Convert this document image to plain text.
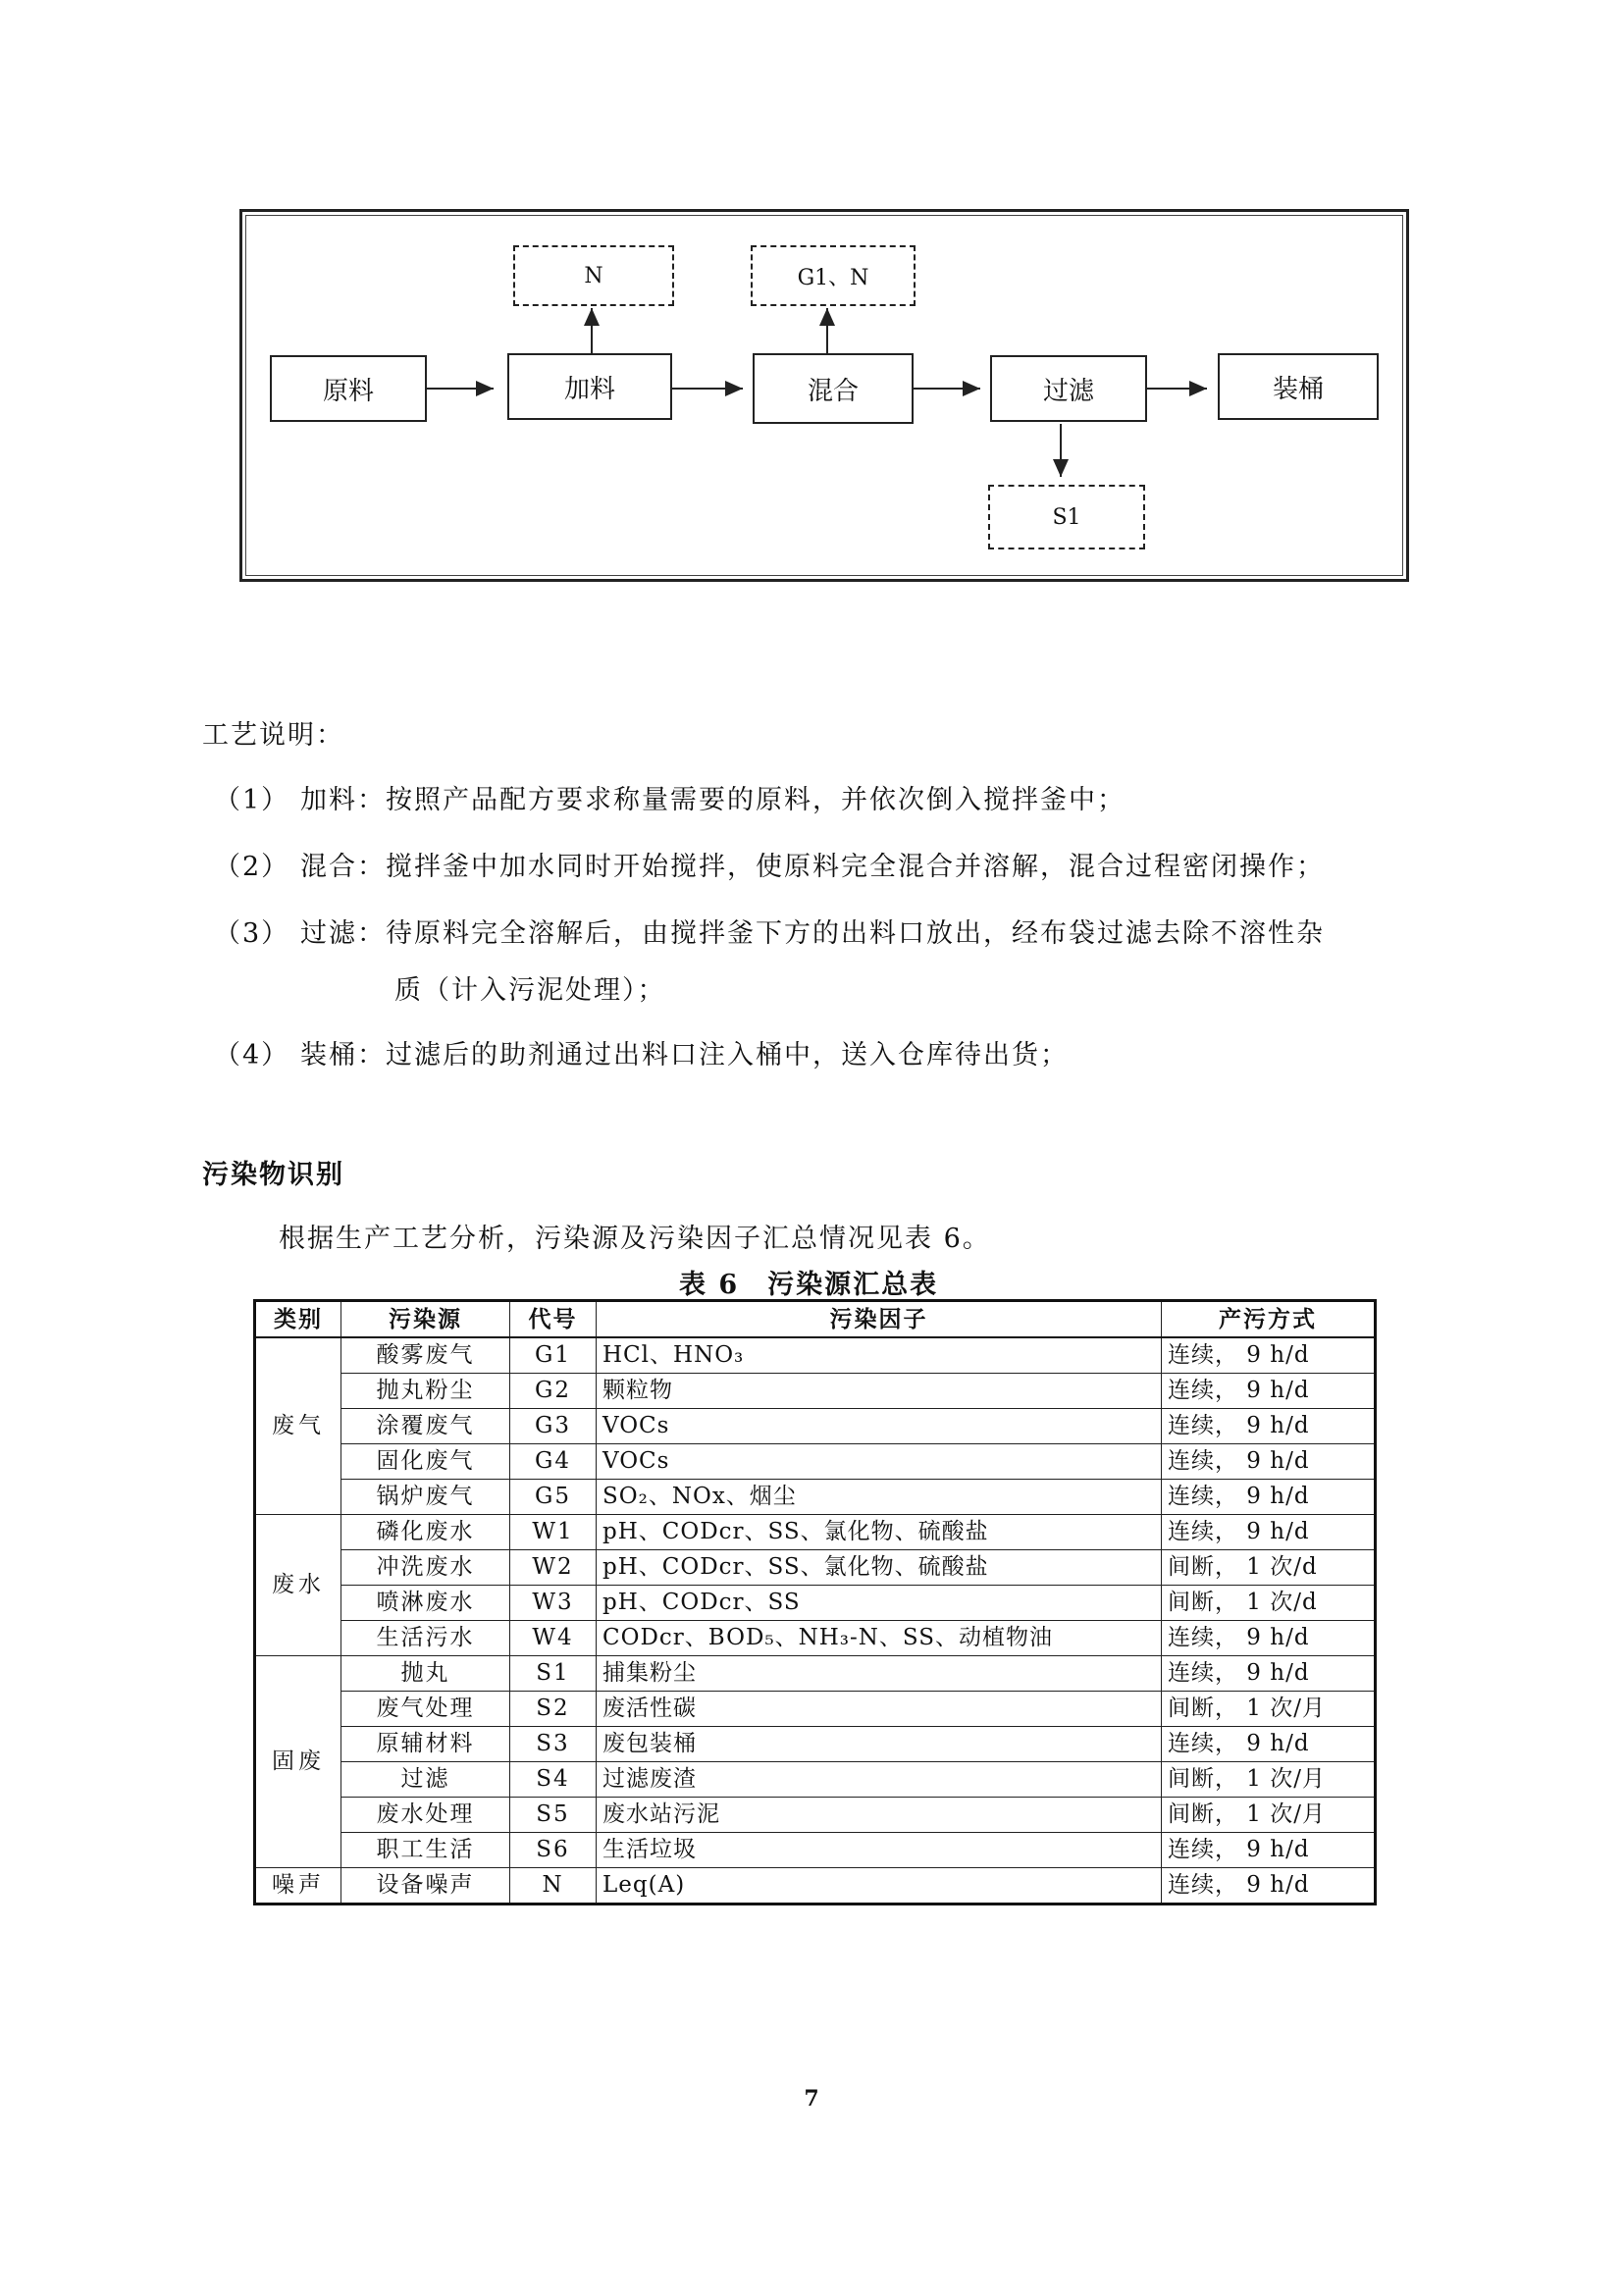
原料	加料	混合	过滤	装桶
N	G1、N
S1
工艺说明：
（1） 加料：按照产品配方要求称量需要的原料，并依次倒入搅拌釜中；
（2） 混合：搅拌釜中加水同时开始搅拌，使原料完全混合并溶解，混合过程密闭操作；
（3） 过滤：待原料完全溶解后，由搅拌釜下方的出料口放出，经布袋过滤去除不溶性杂
质（计入污泥处理）；
（4） 装桶：过滤后的助剂通过出料口注入桶中，送入仓库待出货；
污染物识别
根据生产工艺分析，污染源及污染因子汇总情况见表 6。
表 6　污染源汇总表
类别	污染源	代号	污染因子	产污方式
废气	酸雾废气	G1	HCl、HNO₃	连续， 9 h/d
	抛丸粉尘	G2	颗粒物	连续， 9 h/d
	涂覆废气	G3	VOCs	连续， 9 h/d
	固化废气	G4	VOCs	连续， 9 h/d
	锅炉废气	G5	SO₂、NOx、烟尘	连续， 9 h/d
废水	磷化废水	W1	pH、CODcr、SS、氯化物、硫酸盐	连续， 9 h/d
	冲洗废水	W2	pH、CODcr、SS、氯化物、硫酸盐	间断， 1 次/d
	喷淋废水	W3	pH、CODcr、SS	间断， 1 次/d
	生活污水	W4	CODcr、BOD₅、NH₃-N、SS、动植物油	连续， 9 h/d
固废	抛丸	S1	捕集粉尘	连续， 9 h/d
	废气处理	S2	废活性碳	间断， 1 次/月
	原辅材料	S3	废包装桶	连续， 9 h/d
	过滤	S4	过滤废渣	间断， 1 次/月
	废水处理	S5	废水站污泥	间断， 1 次/月
	职工生活	S6	生活垃圾	连续， 9 h/d
噪声	设备噪声	N	Leq(A)	连续， 9 h/d
7
